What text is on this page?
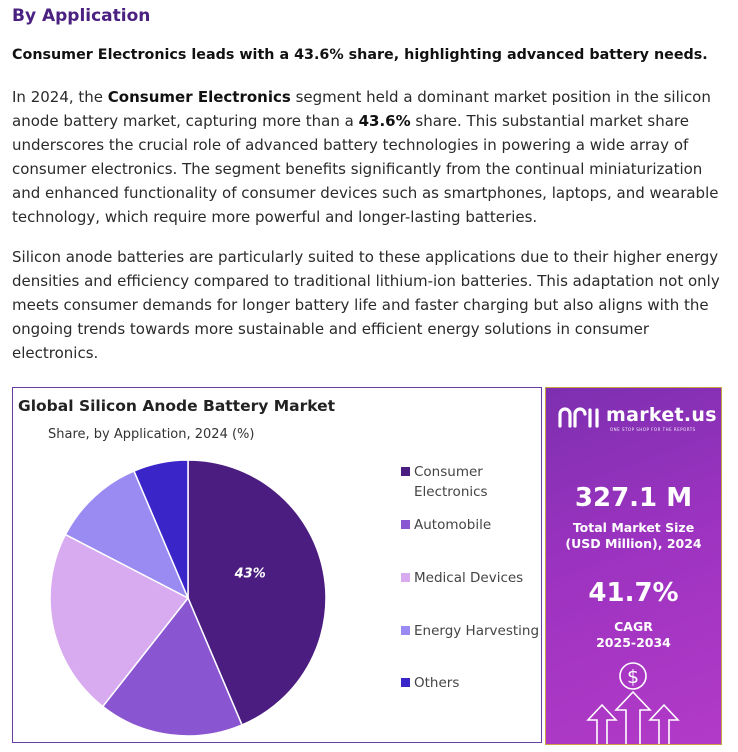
By Application
Consumer Electronics leads with a 43.6% share, highlighting advanced battery needs.
In 2024, the Consumer Electronics segment held a dominant market position in the silicon anode battery market, capturing more than a 43.6% share. This substantial market share underscores the crucial role of advanced battery technologies in powering a wide array of consumer electronics. The segment benefits significantly from the continual miniaturization and enhanced functionality of consumer devices such as smartphones, laptops, and wearable technology, which require more powerful and longer-lasting batteries.
Silicon anode batteries are particularly suited to these applications due to their higher energy densities and efficiency compared to traditional lithium-ion batteries. This adaptation not only meets consumer demands for longer battery life and faster charging but also aligns with the ongoing trends towards more sustainable and efficient energy solutions in consumer electronics.
Global Silicon Anode Battery Market
Share, by Application, 2024 (%)
43%
Consumer
Electronics
Automobile
Medical Devices
Energy Harvesting
Others
market.us
ONE STOP SHOP FOR THE REPORTS
327.1 M
Total Market Size
(USD Million), 2024
41.7%
CAGR
2025-2034
$
